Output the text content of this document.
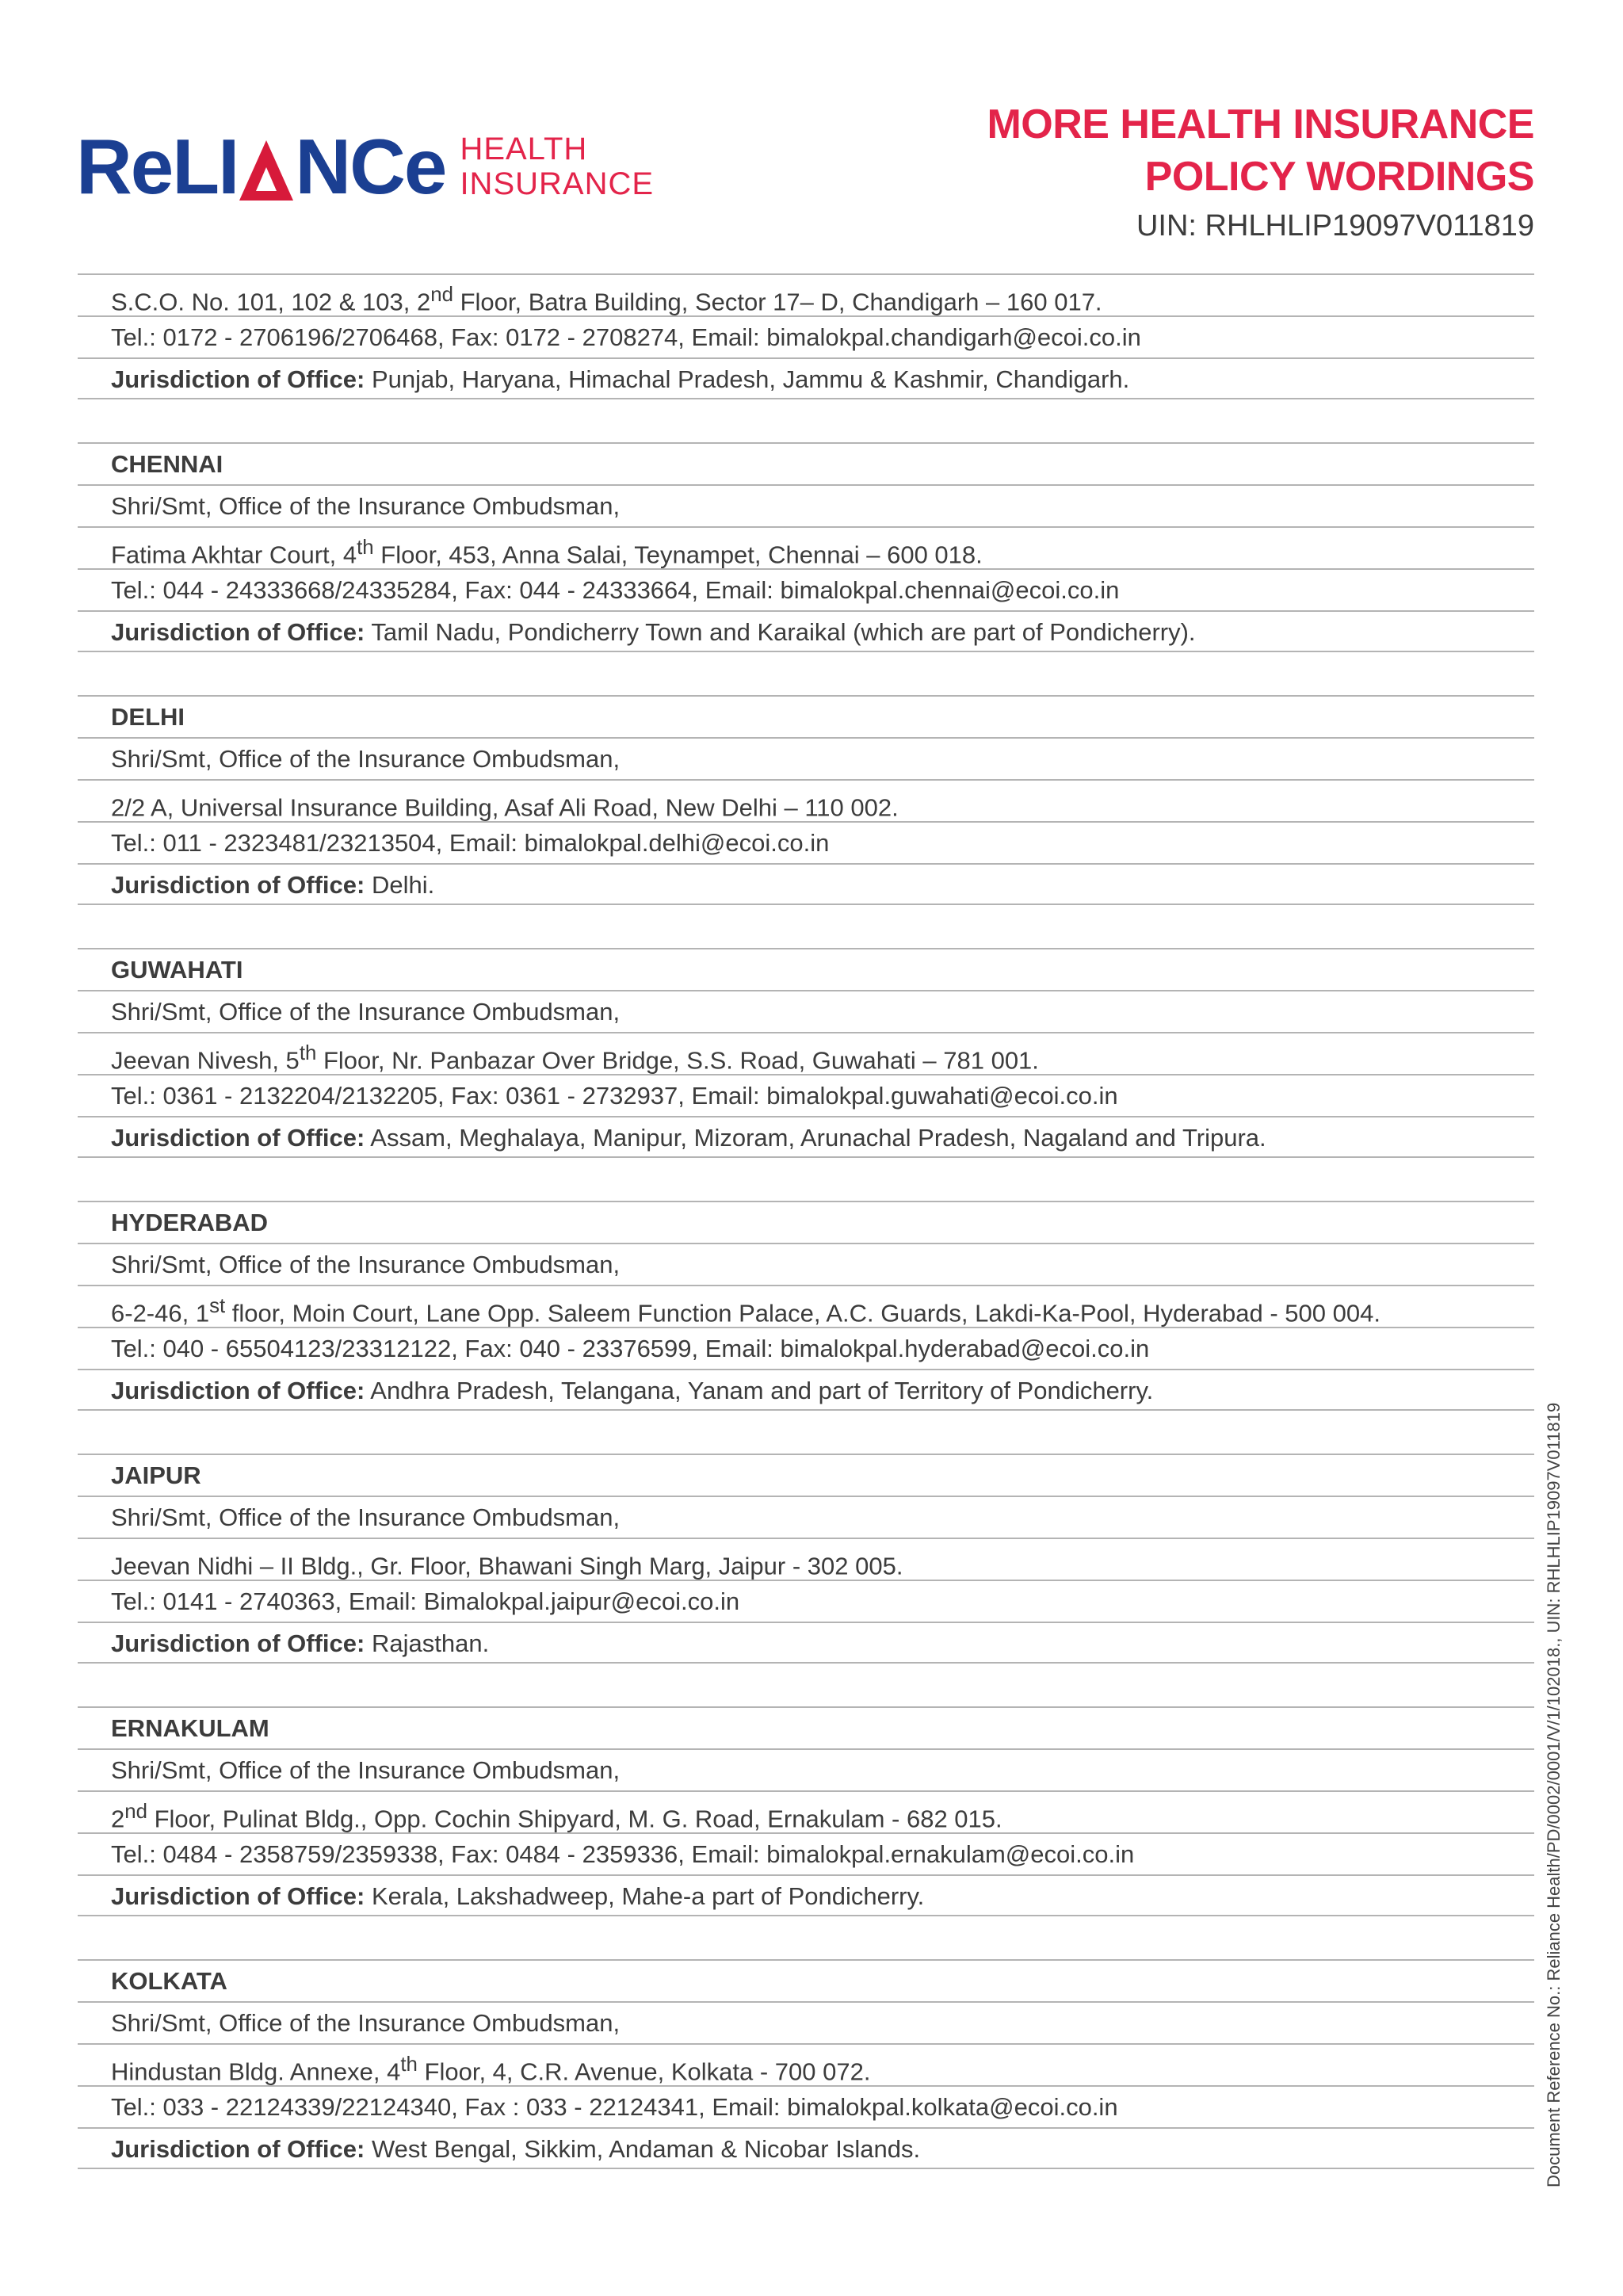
ReLI NCe HEALTH
INSURANCE
MORE HEALTH INSURANCE
POLICY WORDINGS
UIN: RHLHLIP19097V011819
S.C.O. No. 101, 102 & 103, 2nd Floor, Batra Building, Sector 17– D, Chandigarh – 160 017.
Tel.: 0172 - 2706196/2706468, Fax: 0172 - 2708274, Email: bimalokpal.chandigarh@ecoi.co.in
Jurisdiction of Office: Punjab, Haryana, Himachal Pradesh, Jammu & Kashmir, Chandigarh.
CHENNAI
Shri/Smt, Office of the Insurance Ombudsman,
Fatima Akhtar Court, 4th Floor, 453, Anna Salai, Teynampet, Chennai – 600 018.
Tel.: 044 - 24333668/24335284, Fax: 044 - 24333664, Email: bimalokpal.chennai@ecoi.co.in
Jurisdiction of Office: Tamil Nadu, Pondicherry Town and Karaikal (which are part of Pondicherry).
DELHI
Shri/Smt, Office of the Insurance Ombudsman,
2/2 A, Universal Insurance Building, Asaf Ali Road, New Delhi – 110 002.
Tel.: 011 - 2323481/23213504, Email: bimalokpal.delhi@ecoi.co.in
Jurisdiction of Office: Delhi.
GUWAHATI
Shri/Smt, Office of the Insurance Ombudsman,
Jeevan Nivesh, 5th Floor, Nr. Panbazar Over Bridge, S.S. Road, Guwahati – 781 001.
Tel.: 0361 - 2132204/2132205, Fax: 0361 - 2732937, Email: bimalokpal.guwahati@ecoi.co.in
Jurisdiction of Office: Assam, Meghalaya, Manipur, Mizoram, Arunachal Pradesh, Nagaland and Tripura.
HYDERABAD
Shri/Smt, Office of the Insurance Ombudsman,
6-2-46, 1st floor, Moin Court, Lane Opp. Saleem Function Palace, A.C. Guards, Lakdi-Ka-Pool, Hyderabad - 500 004.
Tel.: 040 - 65504123/23312122, Fax: 040 - 23376599, Email: bimalokpal.hyderabad@ecoi.co.in
Jurisdiction of Office: Andhra Pradesh, Telangana, Yanam and part of Territory of Pondicherry.
JAIPUR
Shri/Smt, Office of the Insurance Ombudsman,
Jeevan Nidhi – II Bldg., Gr. Floor, Bhawani Singh Marg, Jaipur - 302 005.
Tel.: 0141 - 2740363, Email: Bimalokpal.jaipur@ecoi.co.in
Jurisdiction of Office: Rajasthan.
ERNAKULAM
Shri/Smt, Office of the Insurance Ombudsman,
2nd Floor, Pulinat Bldg., Opp. Cochin Shipyard, M. G. Road, Ernakulam - 682 015.
Tel.: 0484 - 2358759/2359338, Fax: 0484 - 2359336, Email: bimalokpal.ernakulam@ecoi.co.in
Jurisdiction of Office: Kerala, Lakshadweep, Mahe-a part of Pondicherry.
KOLKATA
Shri/Smt, Office of the Insurance Ombudsman,
Hindustan Bldg. Annexe, 4th Floor, 4, C.R. Avenue, Kolkata - 700 072.
Tel.: 033 - 22124339/22124340, Fax : 033 - 22124341, Email: bimalokpal.kolkata@ecoi.co.in
Jurisdiction of Office: West Bengal, Sikkim, Andaman & Nicobar Islands.	Document Reference No.: Reliance Health/PD/0002/0001/V/1/102018., UIN: RHLHLIP19097V011819
